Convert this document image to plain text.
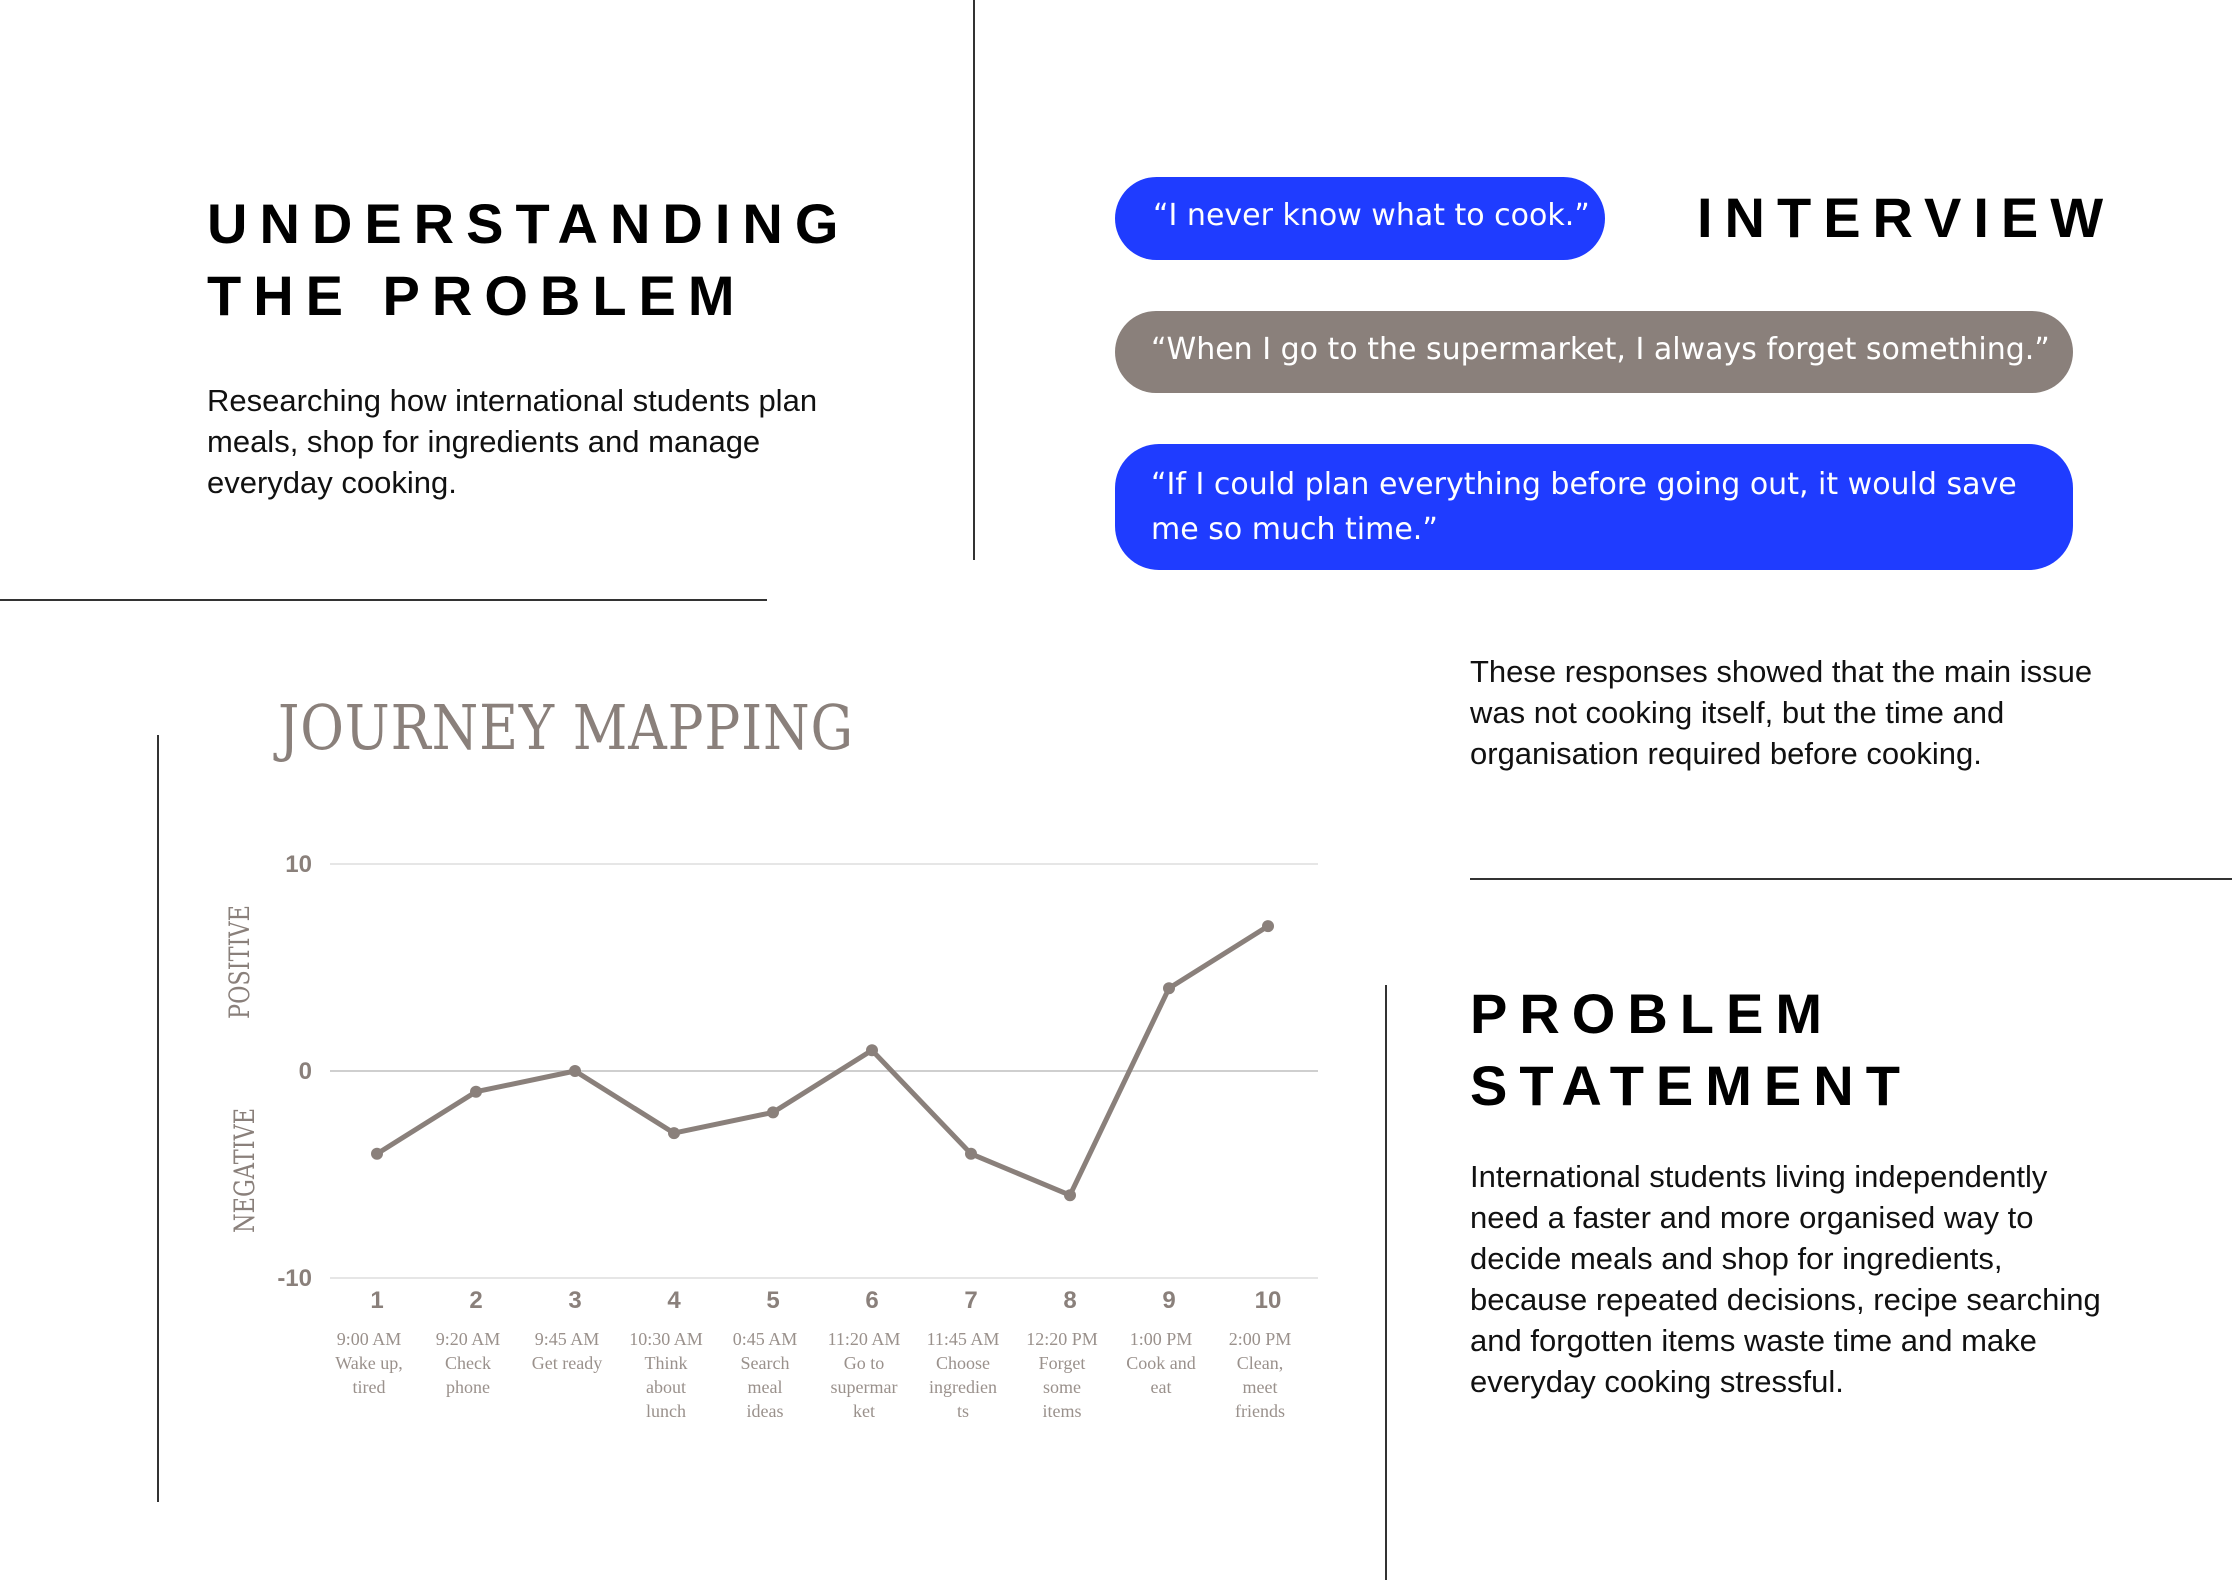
UNDERSTANDING
THE PROBLEM

Researching how international students plan meals, shop for ingredients and manage everyday cooking.

INTERVIEW
“I never know what to cook.”
“When I go to the supermarket, I always forget something.”
“If I could plan everything before going out, it would save me so much time.”

These responses showed that the main issue was not cooking itself, but the time and organisation required before cooking.

JOURNEY MAPPING
POSITIVE
NEGATIVE
10
0
-10
1
9:00 AM
Wake up,
tired
2
9:20 AM
Check
phone
3
9:45 AM
Get ready
4
10:30 AM
Think
about
lunch
5
0:45 AM
Search
meal
ideas
6
11:20 AM
Go to
supermar
ket
7
11:45 AM
Choose
ingredien
ts
8
12:20 PM
Forget
some
items
9
1:00 PM
Cook and
eat
10
2:00 PM
Clean,
meet
friends
PROBLEM
STATEMENT

International students living independently need a faster and more organised way to decide meals and shop for ingredients, because repeated decisions, recipe searching and forgotten items waste time and make everyday cooking stressful.
